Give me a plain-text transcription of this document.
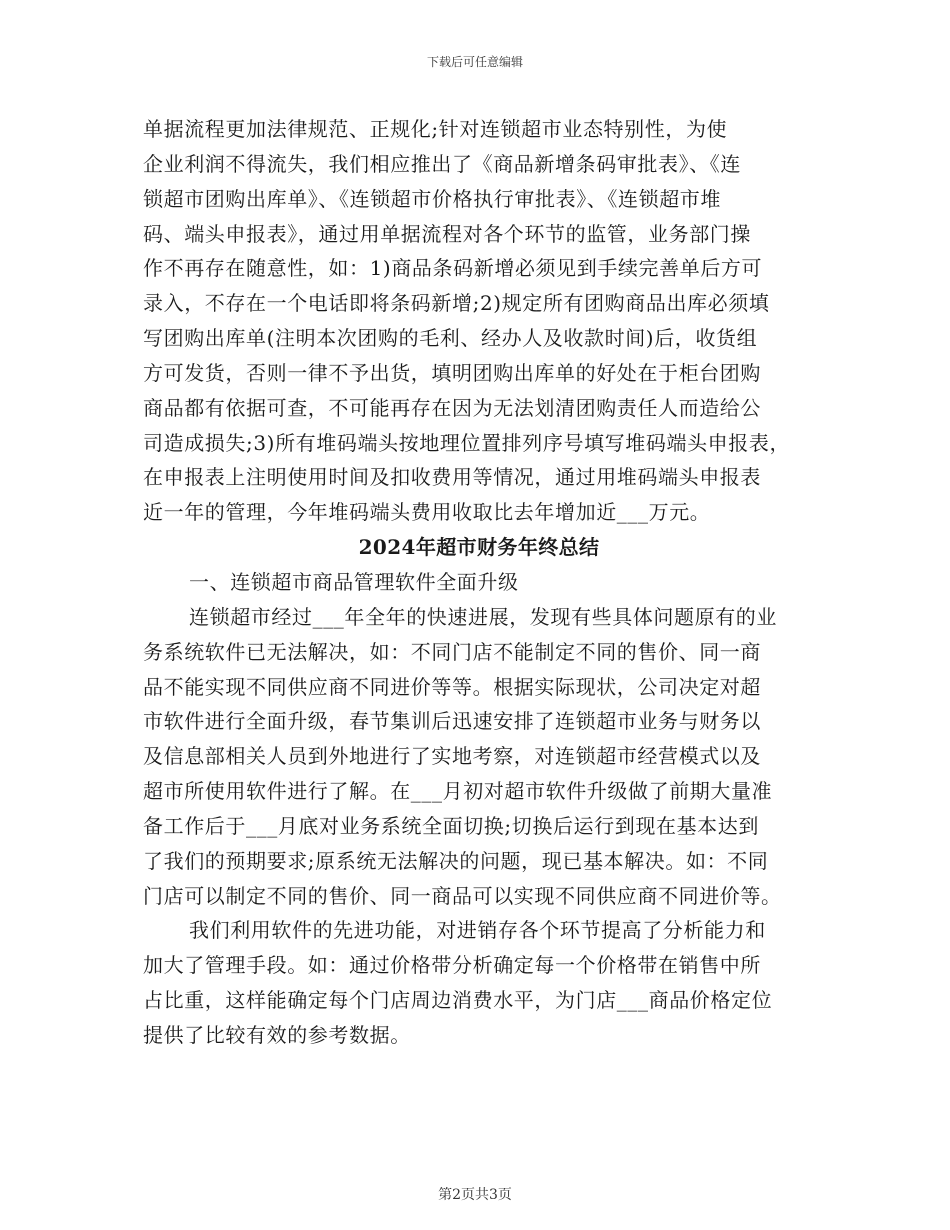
下载后可任意编辑
单据流程更加法律规范、正规化;针对连锁超市业态特别性，为使
企业利润不得流失，我们相应推出了《商品新增条码审批表》、《连
锁超市团购出库单》、《连锁超市价格执行审批表》、《连锁超市堆
码、端头申报表》，通过用单据流程对各个环节的监管，业务部门操
作不再存在随意性，如：1)商品条码新增必须见到手续完善单后方可
录入，不存在一个电话即将条码新增;2)规定所有团购商品出库必须填
写团购出库单(注明本次团购的毛利、经办人及收款时间)后，收货组
方可发货，否则一律不予出货，填明团购出库单的好处在于柜台团购
商品都有依据可查，不可能再存在因为无法划清团购责任人而造给公
司造成损失;3)所有堆码端头按地理位置排列序号填写堆码端头申报表，
在申报表上注明使用时间及扣收费用等情况，通过用堆码端头申报表
近一年的管理，今年堆码端头费用收取比去年增加近___万元。
2024年超市财务年终总结
一、连锁超市商品管理软件全面升级
连锁超市经过___年全年的快速进展，发现有些具体问题原有的业
务系统软件已无法解决，如：不同门店不能制定不同的售价、同一商
品不能实现不同供应商不同进价等等。根据实际现状，公司决定对超
市软件进行全面升级，春节集训后迅速安排了连锁超市业务与财务以
及信息部相关人员到外地进行了实地考察，对连锁超市经营模式以及
超市所使用软件进行了解。在___月初对超市软件升级做了前期大量准
备工作后于___月底对业务系统全面切换;切换后运行到现在基本达到
了我们的预期要求;原系统无法解决的问题，现已基本解决。如：不同
门店可以制定不同的售价、同一商品可以实现不同供应商不同进价等。
我们利用软件的先进功能，对进销存各个环节提高了分析能力和
加大了管理手段。如：通过价格带分析确定每一个价格带在销售中所
占比重，这样能确定每个门店周边消费水平，为门店___商品价格定位
提供了比较有效的参考数据。
第2页共3页
